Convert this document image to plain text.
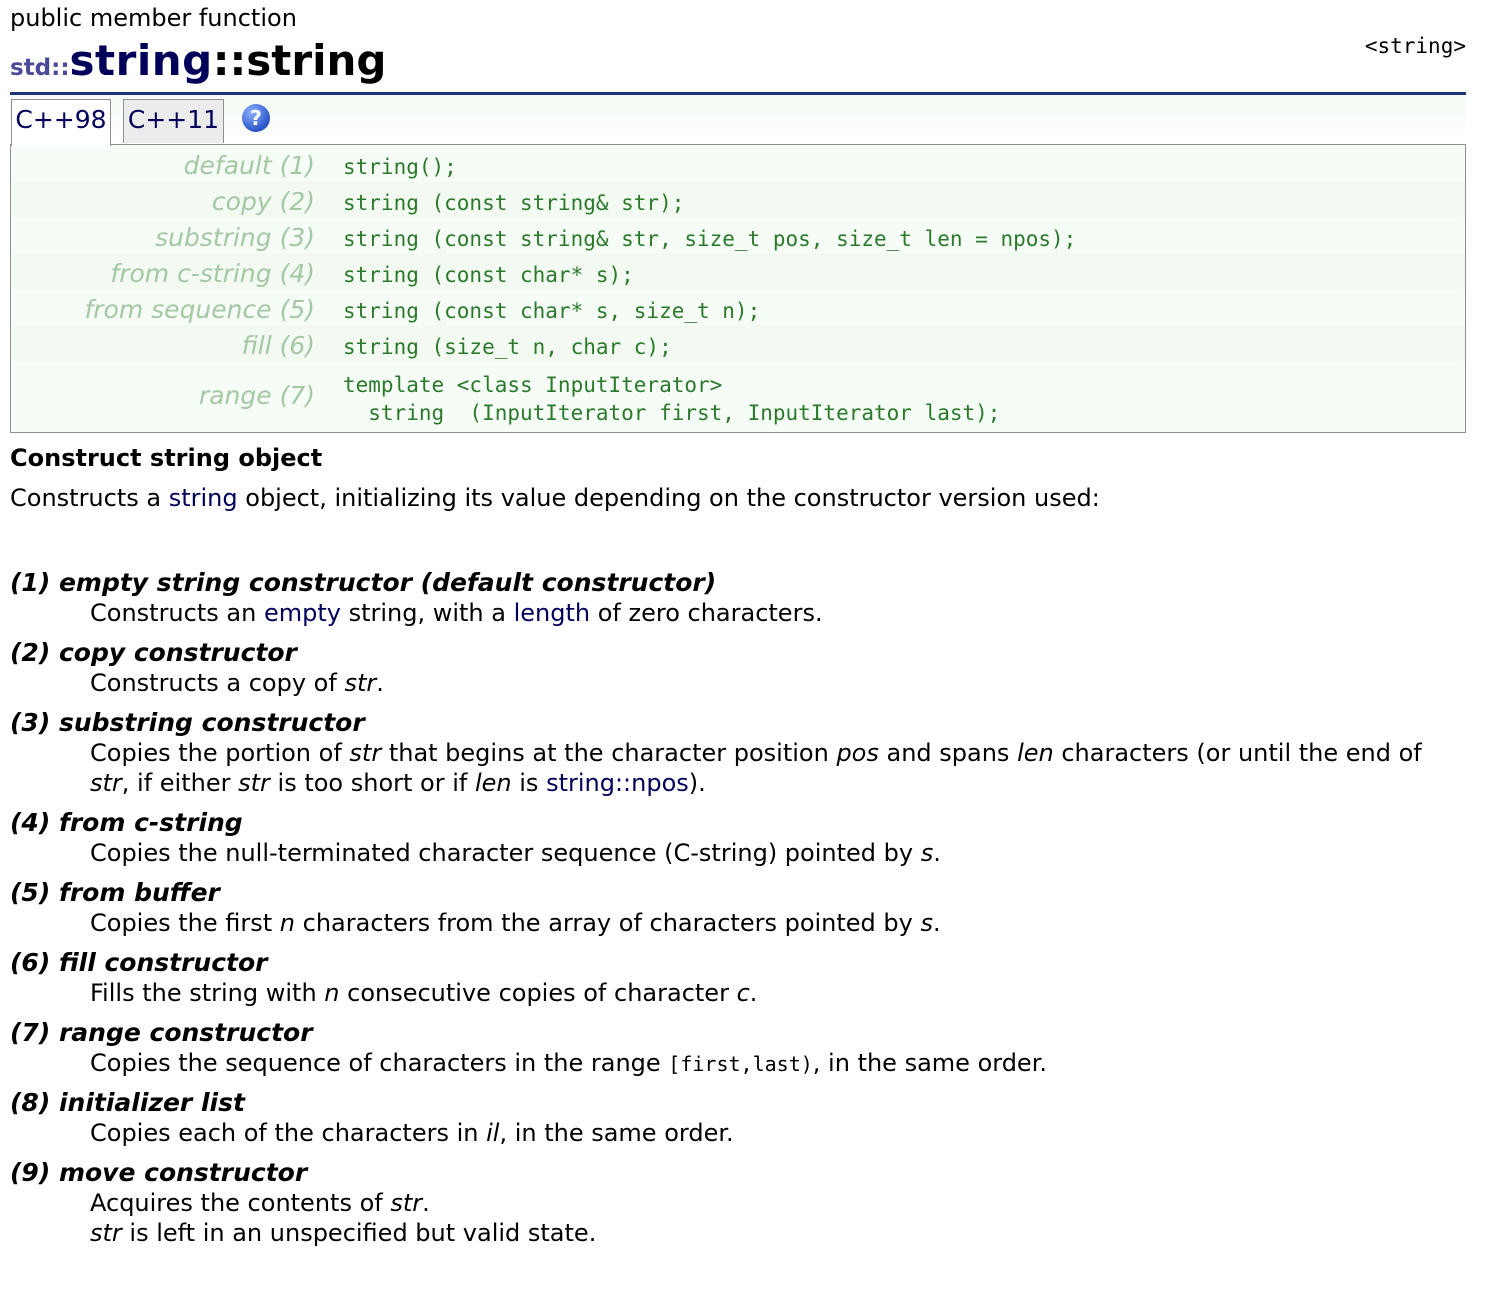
public member function
std::string::string	<string>
C++98 C++11	?
default (1) string();
copy (2) string (const string& str);
substring (3) string (const string& str, size_t pos, size_t len = npos);
from c-string (4) string (const char* s);
from sequence (5) string (const char* s, size_t n);
fill (6) string (size_t n, char c);
range (7) template <class InputIterator>
string  (InputIterator first, InputIterator last);
Construct string object
Constructs a string object, initializing its value depending on the constructor version used:
(1) empty string constructor (default constructor)
Constructs an empty string, with a length of zero characters.
(2) copy constructor
Constructs a copy of str.
(3) substring constructor
Copies the portion of str that begins at the character position pos and spans len characters (or until the end of str, if either str is too short or if len is string::npos).
(4) from c-string
Copies the null-terminated character sequence (C-string) pointed by s.
(5) from buffer
Copies the first n characters from the array of characters pointed by s.
(6) fill constructor
Fills the string with n consecutive copies of character c.
(7) range constructor
Copies the sequence of characters in the range [first,last), in the same order.
(8) initializer list
Copies each of the characters in il, in the same order.
(9) move constructor
Acquires the contents of str.
str is left in an unspecified but valid state.
